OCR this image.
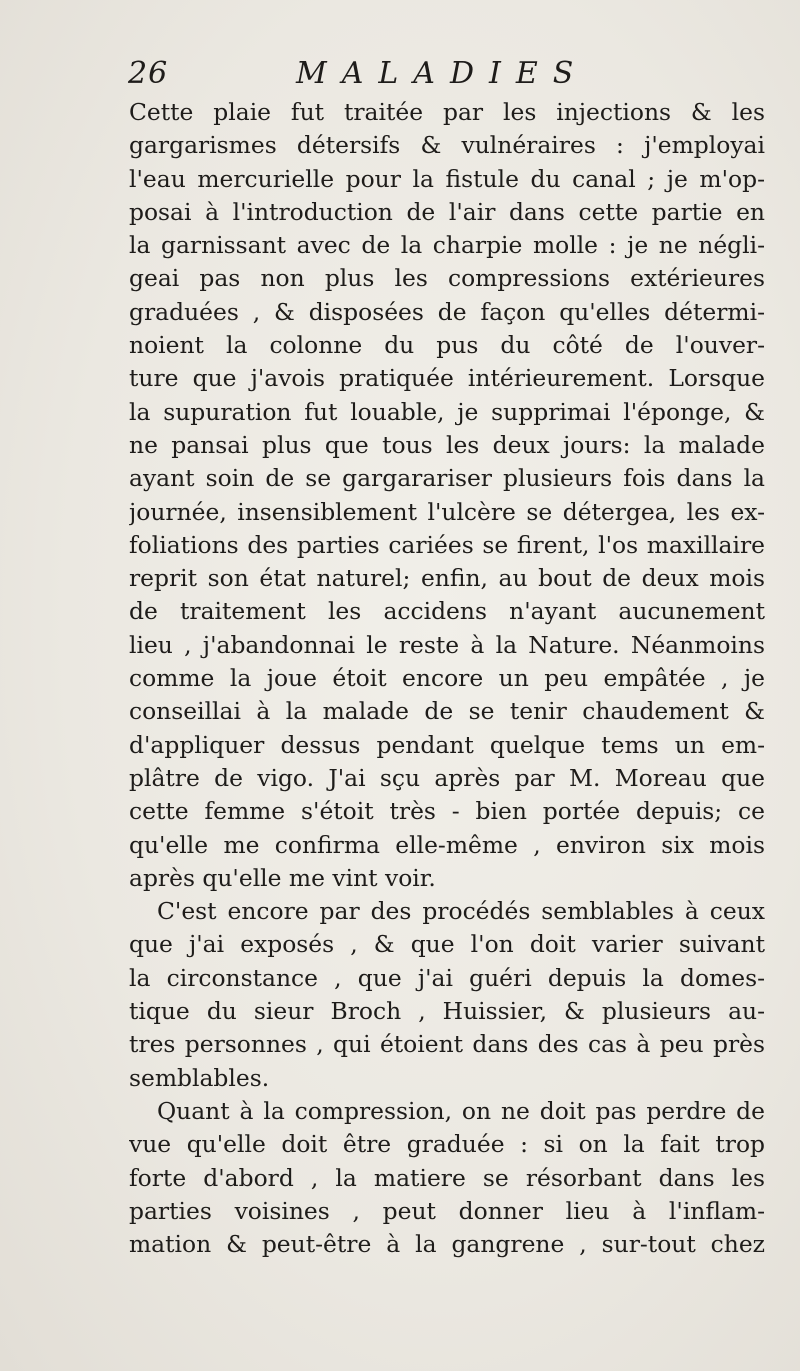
26	MALADIES
Cette plaie fut traitée par les injections & les
gargarismes détersifs & vulnéraires : j'employai
l'eau mercurielle pour la fistule du canal ; je m'op-
posai à l'introduction de l'air dans cette partie en
la garnissant avec de la charpie molle : je ne négli-
geai pas non plus les compressions extérieures
graduées , & disposées de façon qu'elles détermi-
noient la colonne du pus du côté de l'ouver-
ture que j'avois pratiquée intérieurement. Lorsque
la supuration fut louable, je supprimai l'éponge, &
ne pansai plus que tous les deux jours: la malade
ayant soin de se gargarariser plusieurs fois dans la
journée, insensiblement l'ulcère se détergea, les ex-
foliations des parties cariées se firent, l'os maxillaire
reprit son état naturel; enfin, au bout de deux mois
de traitement les accidens n'ayant aucunement
lieu , j'abandonnai le reste à la Nature. Néanmoins
comme la joue étoit encore un peu empâtée , je
conseillai à la malade de se tenir chaudement &
d'appliquer dessus pendant quelque tems un em-
plâtre de vigo. J'ai sçu après par M. Moreau que
cette femme s'étoit très - bien portée depuis; ce
qu'elle me confirma elle-même , environ six mois
après qu'elle me vint voir.
C'est encore par des procédés semblables à ceux
que j'ai exposés , & que l'on doit varier suivant
la circonstance , que j'ai guéri depuis la domes-
tique du sieur Broch , Huissier, & plusieurs au-
tres personnes , qui étoient dans des cas à peu près
semblables.
Quant à la compression, on ne doit pas perdre de
vue qu'elle doit être graduée : si on la fait trop
forte d'abord , la matiere se résorbant dans les
parties voisines , peut donner lieu à l'inflam-
mation & peut-être à la gangrene , sur-tout chez
